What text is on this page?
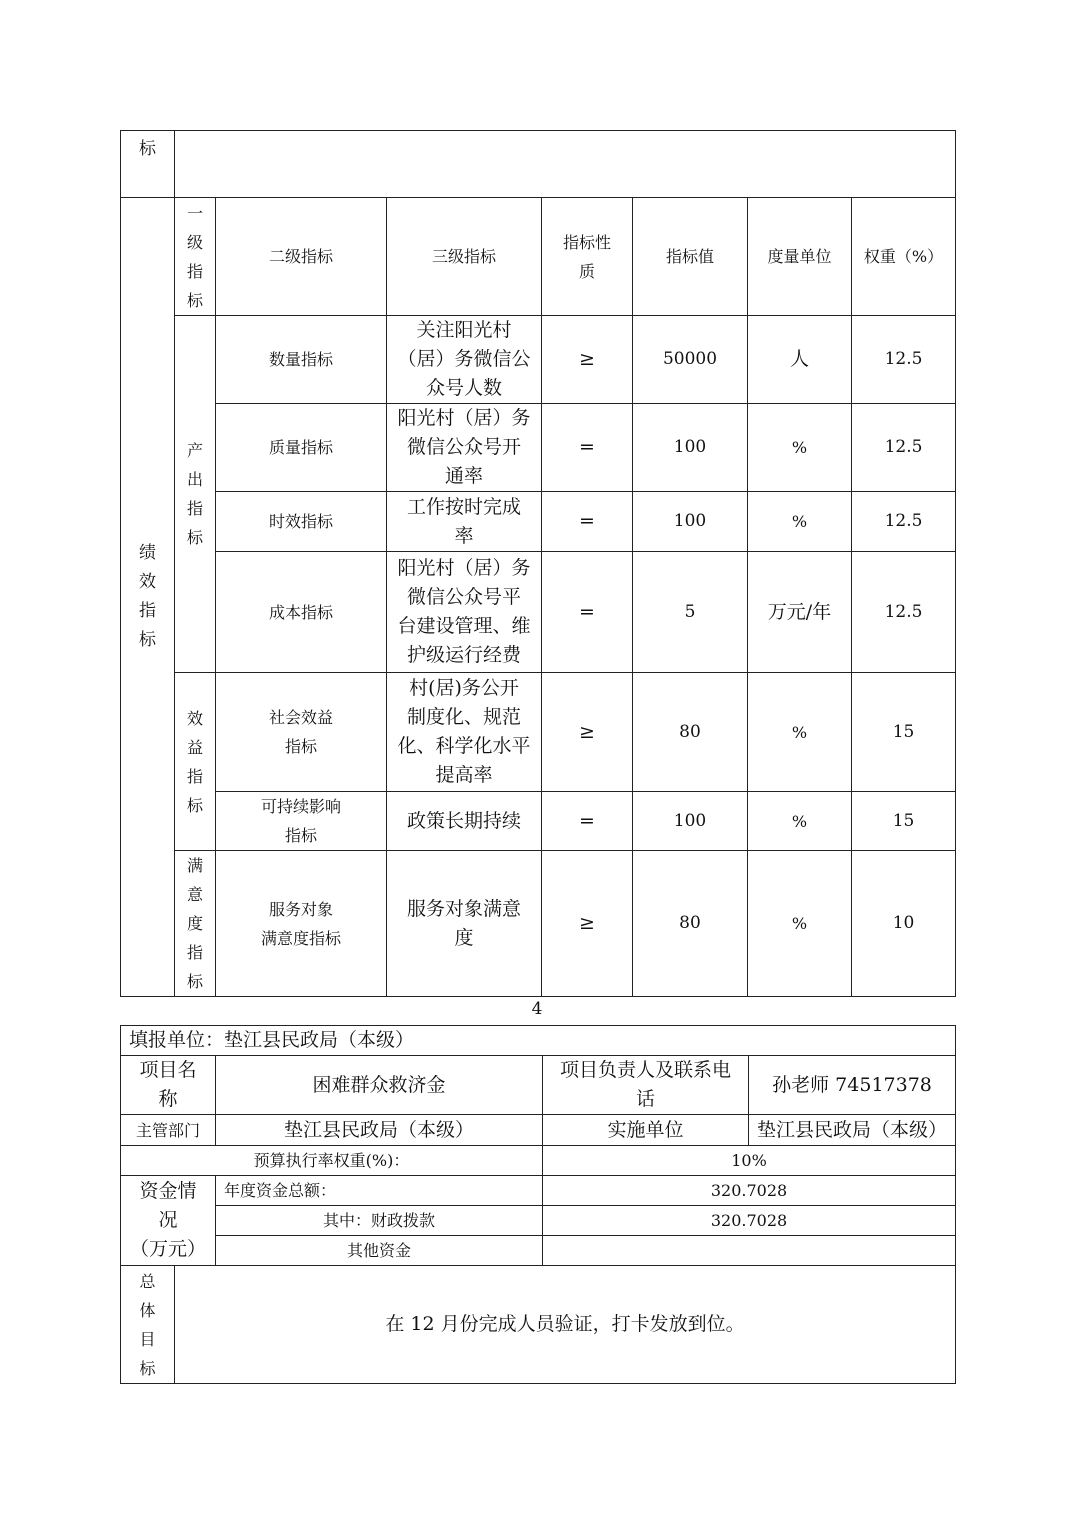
标							

绩
效
指
标	一
级
指
标	二级指标	三级指标	指标性
质	指标值	度量单位	权重（%）

	产
出
指
标	数量指标	关注阳光村
（居）务微信公
众号人数	≥	50000	人	12.5
		质量指标	阳光村（居）务
微信公众号开
通率	=	100	%	12.5
		时效指标	工作按时完成
率	=	100	%	12.5
		成本指标	阳光村（居）务
微信公众号平
台建设管理、维
护级运行经费	=	5	万元/年	12.5

	效
益
指
标	社会效益
指标	村(居)务公开
制度化、规范
化、科学化水平
提高率	≥	80	%	15

		可持续影响
指标	政策长期持续	=	100	%	15

	满
意
度
指
标	服务对象
满意度指标	服务对象满意
度	≥	80	%	10
4
填报单位：垫江县民政局（本级）				

项目名
称		困难群众救济金	项目负责人及联系电
话	孙老师 74517378
主管部门		垫江县民政局（本级）	实施单位	垫江县民政局（本级）
预算执行率权重(%)：			10%	

资金情
况
（万元）		年度资金总额：	320.7028	
		其中：财政拨款	320.7028	
		其他资金		

总
体
目
标	在 12 月份完成人员验证，打卡发放到位。			
